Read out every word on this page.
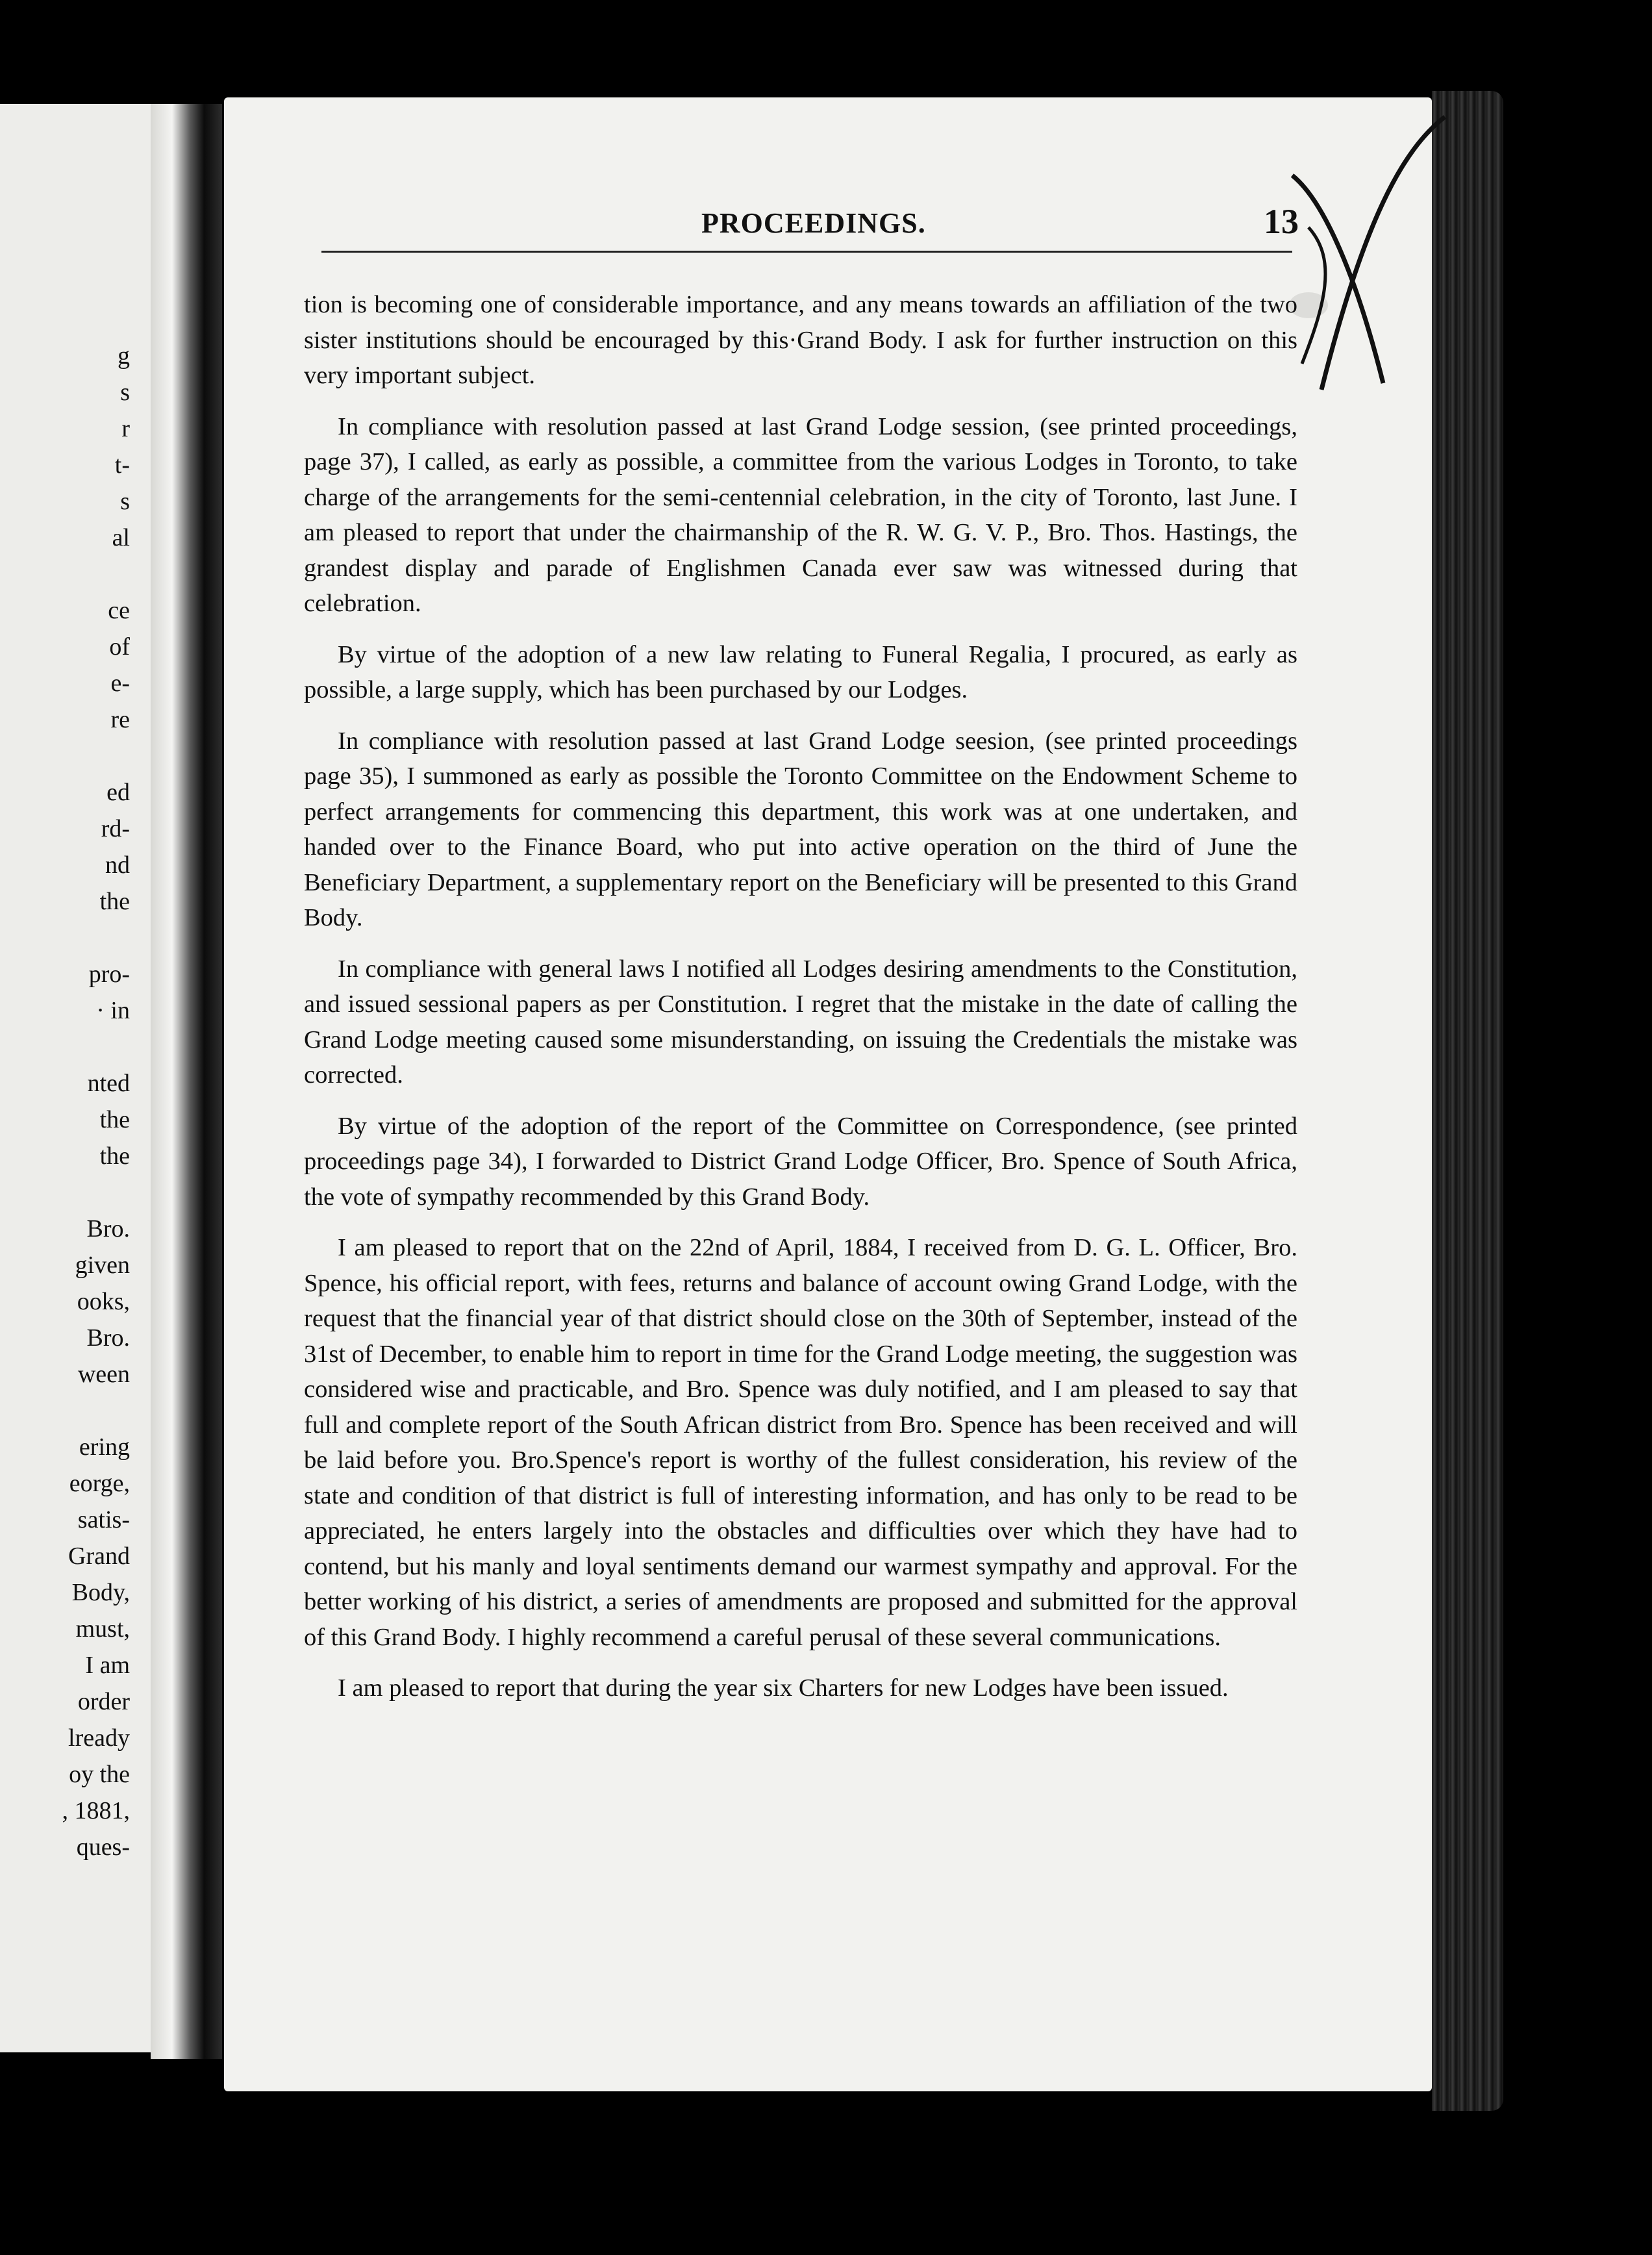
g
s
r
t-
s
al
ce
of
e-
re
ed
rd-
nd
the
pro-
· in
nted
the
the
Bro.
given
ooks,
Bro.
ween
ering
eorge,
satis-
Grand
Body,
must,
I am
order
lready
oy the
, 1881,
ques-
PROCEEDINGS.	13

tion is becoming one of considerable importance, and any means towards an affiliation of the two sister institutions should be encouraged by this·Grand Body. I ask for further instruction on this very important subject.

In compliance with resolution passed at last Grand Lodge session, (see printed proceedings, page 37), I called, as early as possible, a committee from the various Lodges in Toronto, to take charge of the arrangements for the semi-centennial celebration, in the city of Toronto, last June. I am pleased to report that under the chairmanship of the R. W. G. V. P., Bro. Thos. Hastings, the grandest display and parade of Englishmen Canada ever saw was witnessed during that celebration.

By virtue of the adoption of a new law relating to Funeral Regalia, I procured, as early as possible, a large supply, which has been purchased by our Lodges.

In compliance with resolution passed at last Grand Lodge seesion, (see printed proceedings page 35), I summoned as early as possible the Toronto Committee on the Endowment Scheme to perfect arrangements for commencing this department, this work was at one undertaken, and handed over to the Finance Board, who put into active operation on the third of June the Beneficiary Department, a supplementary report on the Beneficiary will be presented to this Grand Body.

In compliance with general laws I notified all Lodges desiring amendments to the Constitution, and issued sessional papers as per Constitution. I regret that the mistake in the date of calling the Grand Lodge meeting caused some misunderstanding, on issuing the Credentials the mistake was corrected.

By virtue of the adoption of the report of the Committee on Correspondence, (see printed proceedings page 34), I forwarded to District Grand Lodge Officer, Bro. Spence of South Africa, the vote of sympathy recommended by this Grand Body.

I am pleased to report that on the 22nd of April, 1884, I received from D. G. L. Officer, Bro. Spence, his official report, with fees, returns and balance of account owing Grand Lodge, with the request that the financial year of that district should close on the 30th of September, instead of the 31st of December, to enable him to report in time for the Grand Lodge meeting, the suggestion was considered wise and practicable, and Bro. Spence was duly notified, and I am pleased to say that full and complete report of the South African district from Bro. Spence has been received and will be laid before you. Bro.Spence's report is worthy of the fullest consideration, his review of the state and condition of that district is full of interesting information, and has only to be read to be appreciated, he enters largely into the obstacles and difficulties over which they have had to contend, but his manly and loyal sentiments demand our warmest sympathy and approval. For the better working of his district, a series of amendments are proposed and submitted for the approval of this Grand Body. I highly recommend a careful perusal of these several communications.

I am pleased to report that during the year six Charters for new Lodges have been issued.
